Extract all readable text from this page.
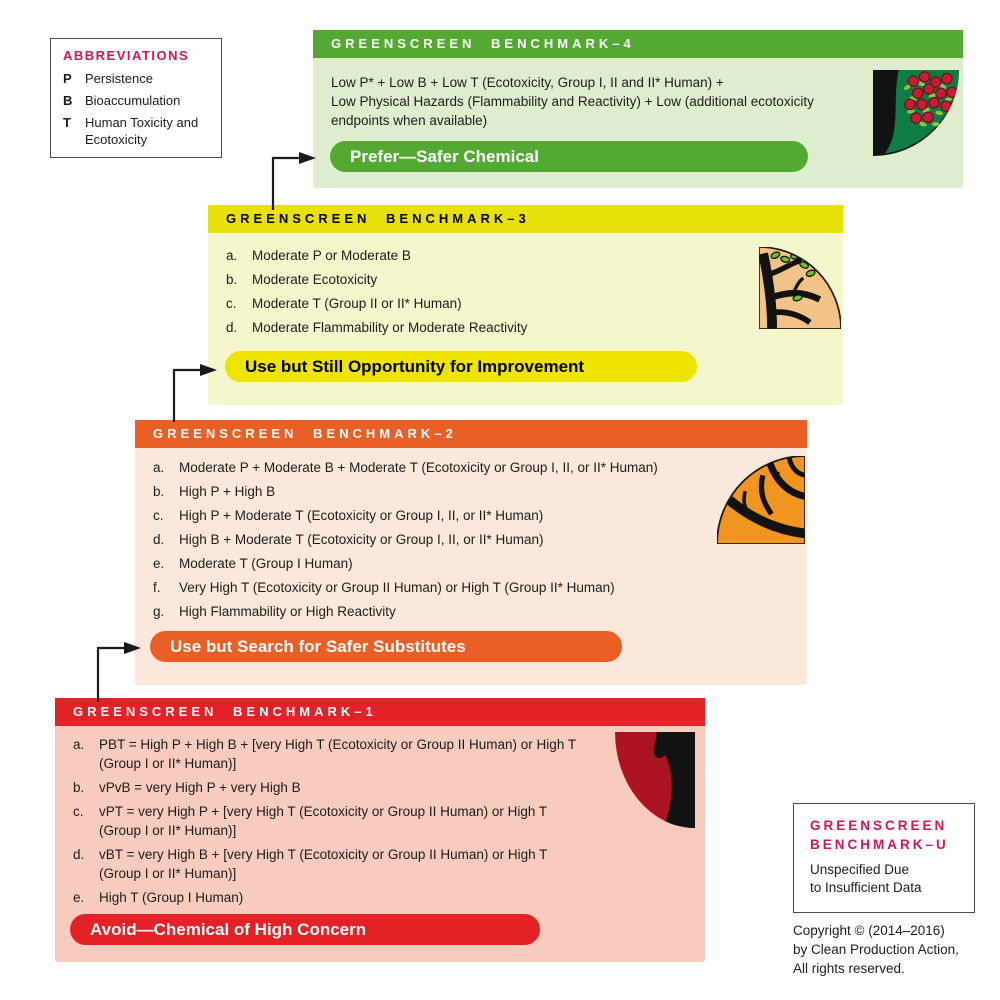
ABBREVIATIONS
P	Persistence
B Bioaccumulation
T	Human Toxicity and Ecotoxicity
GREENSCREEN BENCHMARK–4
Low P* + Low B + Low T (Ecotoxicity, Group I, II and II* Human) +
Low Physical Hazards (Flammability and Reactivity) + Low (additional ecotoxicity
endpoints when available)
Prefer—Safer Chemical
GREENSCREEN BENCHMARK–3
a.	Moderate P or Moderate B
b.	Moderate Ecotoxicity
c.	Moderate T (Group II or II* Human)
d.	Moderate Flammability or Moderate Reactivity
Use but Still Opportunity for Improvement
GREENSCREEN BENCHMARK–2
a.	Moderate P + Moderate B + Moderate T (Ecotoxicity or Group I, II, or II* Human)
b.	High P + High B
c.	High P + Moderate T (Ecotoxicity or Group I, II, or II* Human)
d.	High B + Moderate T (Ecotoxicity or Group I, II, or II* Human)
e.	Moderate T (Group I Human)
f.	Very High T (Ecotoxicity or Group II Human) or High T (Group II* Human)
g.	High Flammability or High Reactivity
Use but Search for Safer Substitutes
GREENSCREEN BENCHMARK–1
a.	PBT = High P + High B + [very High T (Ecotoxicity or Group II Human) or High T (Group I or II* Human)]
b.	vPvB = very High P + very High B
c.	vPT = very High P + [very High T (Ecotoxicity or Group II Human) or High T (Group I or II* Human)]
d.	vBT = very High B + [very High T (Ecotoxicity or Group II Human) or High T (Group I or II* Human)]
e.	High T (Group I Human)
Avoid—Chemical of High Concern
GREENSCREEN
BENCHMARK–U
Unspecified Due
to Insufficient Data
Copyright © (2014–2016)
by Clean Production Action,
All rights reserved.
